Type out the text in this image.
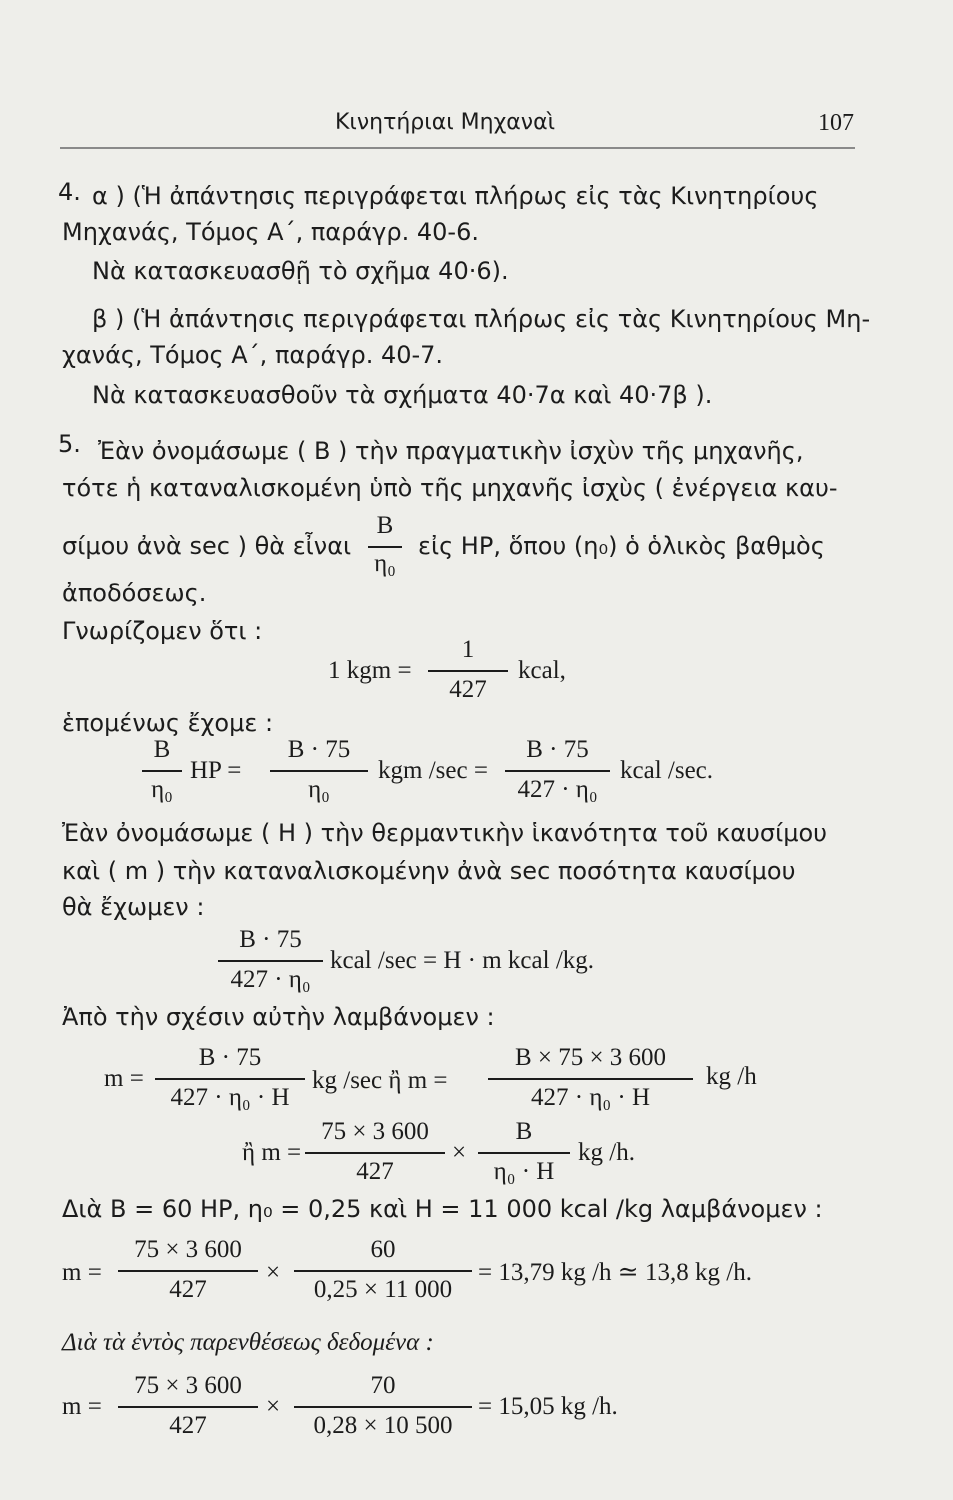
Κινητήριαι Μηχαναὶ	107
4. α ) (Ἡ ἀπάντησις περιγράφεται πλήρως εἰς τὰς Κινητηρίους
Μηχανάς, Τόμος Α΄, παράγρ. 40-6.
Νὰ κατασκευασθῇ τὸ σχῆμα 40·6).
β ) (Ἡ ἀπάντησις περιγράφεται πλήρως εἰς τὰς Κινητηρίους Μη-
χανάς, Τόμος Α΄, παράγρ. 40-7.
Νὰ κατασκευασθοῦν τὰ σχήματα 40·7α καὶ 40·7β ).
5. Ἐὰν ὀνομάσωμε ( B ) τὴν πραγματικὴν ἰσχὺν τῆς μηχανῆς,
τότε ἡ καταναλισκομένη ὑπὸ τῆς μηχανῆς ἰσχὺς ( ἐνέργεια καυ-
σίμου ἀνὰ sec ) θὰ εἶναι
B
η₀
εἰς HP, ὅπου (η₀) ὁ ὁλικὸς βαθμὸς
ἀποδόσεως.
Γνωρίζομεν ὅτι :
1 kgm =
1
427
kcal,
ἑπομένως ἔχομε :
B
η₀
HP =
B · 75
η₀
kgm /sec =
B · 75
427 · η₀
kcal /sec.
Ἐὰν ὀνομάσωμε ( H ) τὴν θερμαντικὴν ἱκανότητα τοῦ καυσίμου
καὶ ( m ) τὴν καταναλισκομένην ἀνὰ sec ποσότητα καυσίμου
θὰ ἔχωμεν :
B · 75
427 · η₀
kcal /sec = H · m kcal /kg.
Ἀπὸ τὴν σχέσιν αὐτὴν λαμβάνομεν :
m =
B · 75
427 · η₀ · H
kg /sec ἢ m =
B × 75 × 3 600
427 · η₀ · H
kg /h
ἢ m =
75 × 3 600
427
×
B
η₀ · H
kg /h.
Διὰ B = 60 HP, η₀ = 0,25 καὶ H = 11 000 kcal /kg λαμβάνομεν :
m =
75 × 3 600
427
×
60
0,25 × 11 000
= 13,79 kg /h ≃ 13,8 kg /h.
Διὰ τὰ ἐντὸς παρενθέσεως δεδομένα :
m =
75 × 3 600
427
×
70
0,28 × 10 500
= 15,05 kg /h.
